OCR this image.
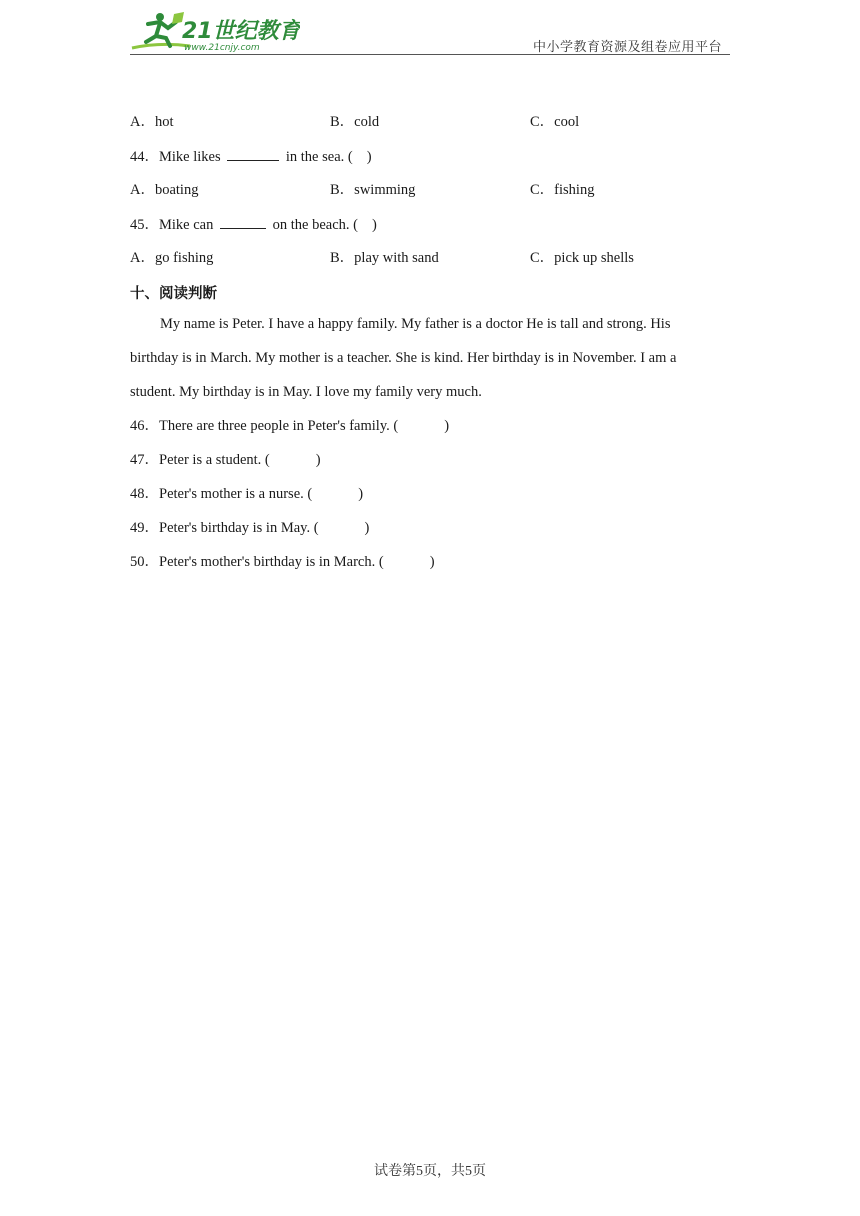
21世纪教育
www.21cnjy.com	中小学教育资源及组卷应用平台
A．hot	B．cold	C．cool
44．Mike likes	in the sea. ( )
A．boating	B．swimming	C．fishing
45．Mike can	on the beach. ( )
A．go fishing	B．play with sand	C．pick up shells
十、阅读判断
My name is Peter. I have a happy family. My father is a doctor He is tall and strong. His birthday is in March. My mother is a teacher. She is kind. Her birthday is in November. I am a student. My birthday is in May. I love my family very much.
46．There are three people in Peter's family. (	)
47．Peter is a student. (	)
48．Peter's mother is a nurse. (	)
49．Peter's birthday is in May. (	)
50．Peter's mother's birthday is in March. (	)
试卷第5页，共5页
